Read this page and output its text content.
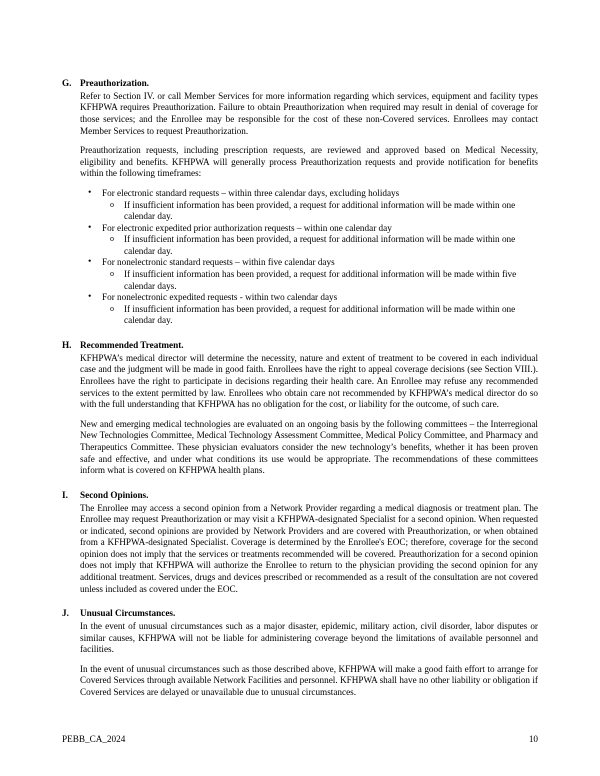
G. Preauthorization.
Refer to Section IV. or call Member Services for more information regarding which services, equipment and facility types KFHPWA requires Preauthorization. Failure to obtain Preauthorization when required may result in denial of coverage for those services; and the Enrollee may be responsible for the cost of these non-Covered services. Enrollees may contact Member Services to request Preauthorization.
Preauthorization requests, including prescription requests, are reviewed and approved based on Medical Necessity, eligibility and benefits. KFHPWA will generally process Preauthorization requests and provide notification for benefits within the following timeframes:
• For electronic standard requests – within three calendar days, excluding holidays
o If insufficient information has been provided, a request for additional information will be made within one calendar day.
• For electronic expedited prior authorization requests – within one calendar day
o If insufficient information has been provided, a request for additional information will be made within one calendar day.
• For nonelectronic standard requests – within five calendar days
o If insufficient information has been provided, a request for additional information will be made within five calendar days.
• For nonelectronic expedited requests - within two calendar days
o If insufficient information has been provided, a request for additional information will be made within one calendar day.
H. Recommended Treatment.
KFHPWA’s medical director will determine the necessity, nature and extent of treatment to be covered in each individual case and the judgment will be made in good faith. Enrollees have the right to appeal coverage decisions (see Section VIII.). Enrollees have the right to participate in decisions regarding their health care. An Enrollee may refuse any recommended services to the extent permitted by law. Enrollees who obtain care not recommended by KFHPWA’s medical director do so with the full understanding that KFHPWA has no obligation for the cost, or liability for the outcome, of such care.
New and emerging medical technologies are evaluated on an ongoing basis by the following committees – the Interregional New Technologies Committee, Medical Technology Assessment Committee, Medical Policy Committee, and Pharmacy and Therapeutics Committee. These physician evaluators consider the new technology’s benefits, whether it has been proven safe and effective, and under what conditions its use would be appropriate. The recommendations of these committees inform what is covered on KFHPWA health plans.
I.	Second Opinions.
The Enrollee may access a second opinion from a Network Provider regarding a medical diagnosis or treatment plan. The Enrollee may request Preauthorization or may visit a KFHPWA-designated Specialist for a second opinion. When requested or indicated, second opinions are provided by Network Providers and are covered with Preauthorization, or when obtained from a KFHPWA-designated Specialist. Coverage is determined by the Enrollee's EOC; therefore, coverage for the second opinion does not imply that the services or treatments recommended will be covered. Preauthorization for a second opinion does not imply that KFHPWA will authorize the Enrollee to return to the physician providing the second opinion for any additional treatment. Services, drugs and devices prescribed or recommended as a result of the consultation are not covered unless included as covered under the EOC.
J.	Unusual Circumstances.
In the event of unusual circumstances such as a major disaster, epidemic, military action, civil disorder, labor disputes or similar causes, KFHPWA will not be liable for administering coverage beyond the limitations of available personnel and facilities.
In the event of unusual circumstances such as those described above, KFHPWA will make a good faith effort to arrange for Covered Services through available Network Facilities and personnel. KFHPWA shall have no other liability or obligation if Covered Services are delayed or unavailable due to unusual circumstances.
PEBB_CA_2024	10
